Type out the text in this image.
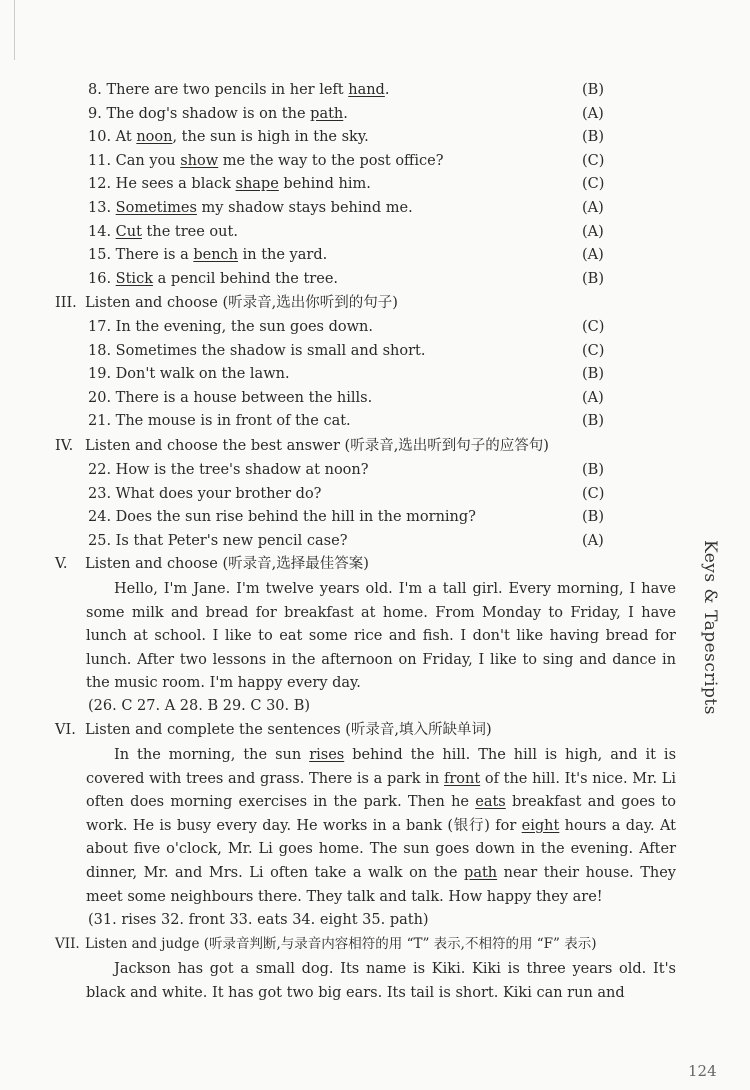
8. There are two pencils in her left hand.	(B)
9. The dog's shadow is on the path.	(A)
10. At noon, the sun is high in the sky.	(B)
11. Can you show me the way to the post office?	(C)
12. He sees a black shape behind him.	(C)
13. Sometimes my shadow stays behind me.	(A)
14. Cut the tree out.	(A)
15. There is a bench in the yard.	(A)
16. Stick a pencil behind the tree.	(B)
III. Listen and choose (听录音,选出你听到的句子)
17. In the evening, the sun goes down.	(C)
18. Sometimes the shadow is small and short.	(C)
19. Don't walk on the lawn.	(B)
20. There is a house between the hills.	(A)
21. The mouse is in front of the cat.	(B)
IV. Listen and choose the best answer (听录音,选出听到句子的应答句)
22. How is the tree's shadow at noon?	(B)
23. What does your brother do?	(C)
24. Does the sun rise behind the hill in the morning?	(B)
25. Is that Peter's new pencil case?	(A)
V. Listen and choose (听录音,选择最佳答案)
Hello, I'm Jane. I'm twelve years old. I'm a tall girl. Every morning, I have some milk and bread for breakfast at home. From Monday to Friday, I have lunch at school. I like to eat some rice and fish. I don't like having bread for lunch. After two lessons in the afternoon on Friday, I like to sing and dance in the music room. I'm happy every day.
(26. C 27. A 28. B 29. C 30. B)
VI. Listen and complete the sentences (听录音,填入所缺单词)
In the morning, the sun rises behind the hill. The hill is high, and it is covered with trees and grass. There is a park in front of the hill. It's nice. Mr. Li often does morning exercises in the park. Then he eats breakfast and goes to work. He is busy every day. He works in a bank (银行) for eight hours a day. At about five o'clock, Mr. Li goes home. The sun goes down in the evening. After dinner, Mr. and Mrs. Li often take a walk on the path near their house. They meet some neighbours there. They talk and talk. How happy they are!
(31. rises 32. front 33. eats 34. eight 35. path)
VII. Listen and judge (听录音判断,与录音内容相符的用 “T” 表示,不相符的用 “F” 表示)
Jackson has got a small dog. Its name is Kiki. Kiki is three years old. It's black and white. It has got two big ears. Its tail is short. Kiki can run and
Keys & Tapescripts
124
